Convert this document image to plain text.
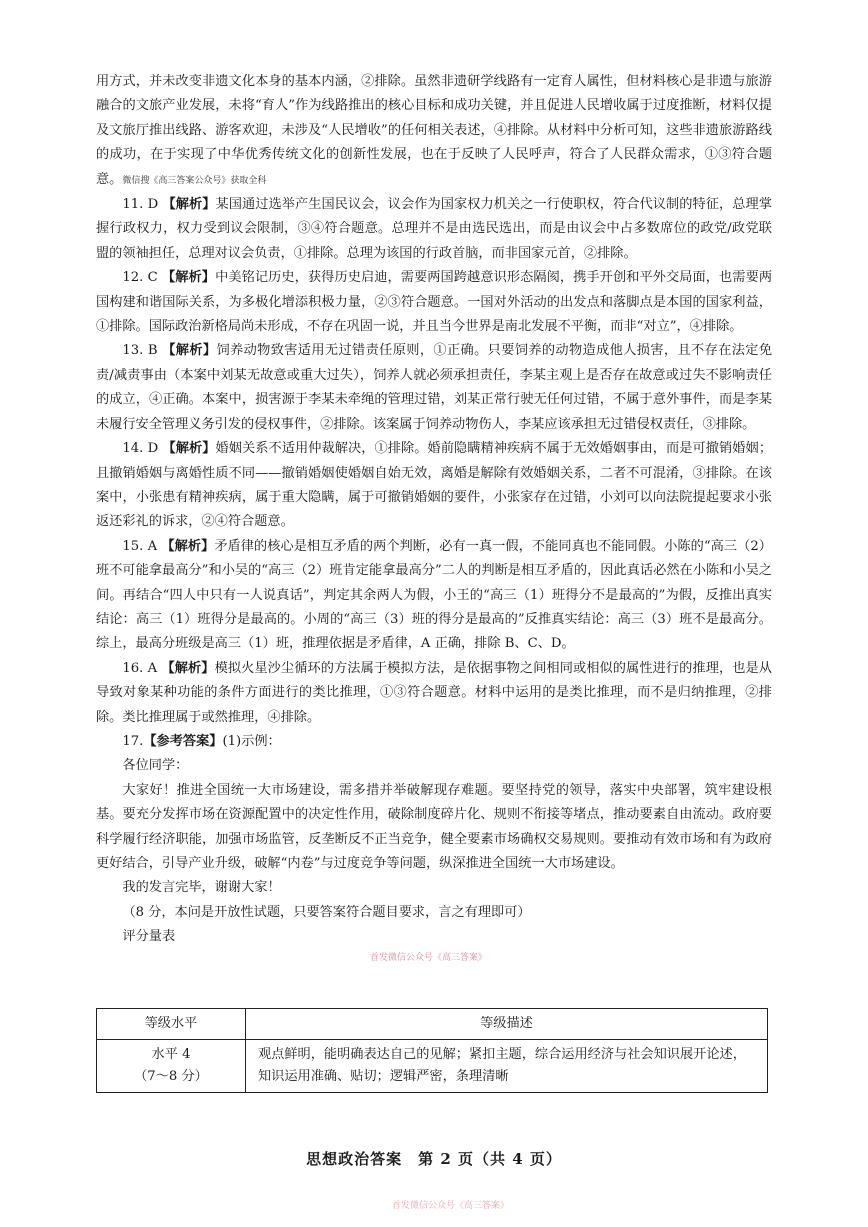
用方式，并未改变非遗文化本身的基本内涵，②排除。虽然非遗研学线路有一定育人属性，但材料核心是非遗与旅游融合的文旅产业发展，未将“育人”作为线路推出的核心目标和成功关键，并且促进人民增收属于过度推断，材料仅提及文旅厅推出线路、游客欢迎，未涉及“人民增收”的任何相关表述，④排除。从材料中分析可知，这些非遗旅游路线的成功，在于实现了中华优秀传统文化的创新性发展，也在于反映了人民呼声，符合了人民群众需求，①③符合题意。微信搜《高三答案公众号》获取全科

11. D 【解析】某国通过选举产生国民议会，议会作为国家权力机关之一行使职权，符合代议制的特征，总理掌握行政权力，权力受到议会限制，③④符合题意。总理并不是由选民选出，而是由议会中占多数席位的政党/政党联盟的领袖担任，总理对议会负责，①排除。总理为该国的行政首脑，而非国家元首，②排除。

12. C 【解析】中美铭记历史，获得历史启迪，需要两国跨越意识形态隔阂，携手开创和平外交局面，也需要两国构建和谐国际关系，为多极化增添积极力量，②③符合题意。一国对外活动的出发点和落脚点是本国的国家利益，①排除。国际政治新格局尚未形成，不存在巩固一说，并且当今世界是南北发展不平衡，而非“对立”，④排除。

13. B 【解析】饲养动物致害适用无过错责任原则，①正确。只要饲养的动物造成他人损害，且不存在法定免责/减责事由（本案中刘某无故意或重大过失），饲养人就必须承担责任，李某主观上是否存在故意或过失不影响责任的成立，④正确。本案中，损害源于李某未牵绳的管理过错，刘某正常行驶无任何过错，不属于意外事件，而是李某未履行安全管理义务引发的侵权事件，②排除。该案属于饲养动物伤人，李某应该承担无过错侵权责任，③排除。

14. D 【解析】婚姻关系不适用仲裁解决，①排除。婚前隐瞒精神疾病不属于无效婚姻事由，而是可撤销婚姻；且撤销婚姻与离婚性质不同——撤销婚姻使婚姻自始无效，离婚是解除有效婚姻关系，二者不可混淆，③排除。在该案中，小张患有精神疾病，属于重大隐瞒，属于可撤销婚姻的要件，小张家存在过错，小刘可以向法院提起要求小张返还彩礼的诉求，②④符合题意。

15. A 【解析】矛盾律的核心是相互矛盾的两个判断，必有一真一假，不能同真也不能同假。小陈的“高三（2）班不可能拿最高分”和小吴的“高三（2）班肯定能拿最高分”二人的判断是相互矛盾的，因此真话必然在小陈和小吴之间。再结合“四人中只有一人说真话”，判定其余两人为假，小王的“高三（1）班得分不是最高的”为假，反推出真实结论：高三（1）班得分是最高的。小周的“高三（3）班的得分是最高的”反推真实结论：高三（3）班不是最高分。综上，最高分班级是高三（1）班，推理依据是矛盾律，A 正确，排除 B、C、D。

16. A 【解析】模拟火星沙尘循环的方法属于模拟方法，是依据事物之间相同或相似的属性进行的推理，也是从导致对象某种功能的条件方面进行的类比推理，①③符合题意。材料中运用的是类比推理，而不是归纳推理，②排除。类比推理属于或然推理，④排除。

17.【参考答案】(1)示例：

各位同学：

大家好！推进全国统一大市场建设，需多措并举破解现存难题。要坚持党的领导，落实中央部署，筑牢建设根基。要充分发挥市场在资源配置中的决定性作用，破除制度碎片化、规则不衔接等堵点，推动要素自由流动。政府要科学履行经济职能，加强市场监管，反垄断反不正当竞争，健全要素市场确权交易规则。要推动有效市场和有为政府更好结合，引导产业升级，破解“内卷”与过度竞争等问题，纵深推进全国统一大市场建设。

我的发言完毕，谢谢大家！

（8 分，本问是开放性试题，只要答案符合题目要求，言之有理即可）

评分量表

首发微信公众号《高三答案》
等级水平	等级描述

水平 4
（7～8 分）	观点鲜明，能明确表达自己的见解；紧扣主题，综合运用经济与社会知识展开论述，知识运用准确、贴切；逻辑严密，条理清晰
思想政治答案　第 2 页（共 4 页）
首发微信公众号《高三答案》
